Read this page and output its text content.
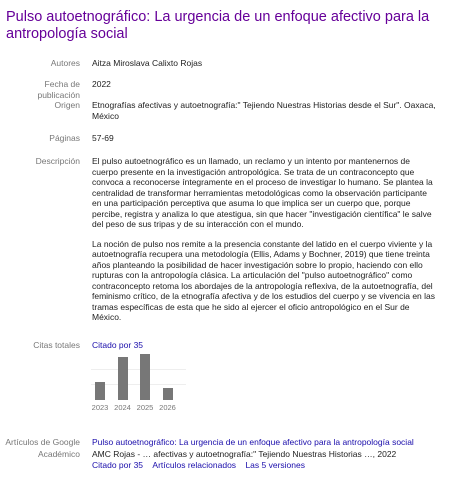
Pulso autoetnográfico: La urgencia de un enfoque afectivo para la antropología social
Autores Aitza Miroslava Calixto Rojas
Fecha de publicación
2022
Origen Etnografías afectivas y autoetnografía:" Tejiendo Nuestras Historias desde el Sur". Oaxaca, México
Páginas 57-69
Descripción El pulso autoetnográfico es un llamado, un reclamo y un intento por mantenernos de cuerpo presente en la investigación antropológica. Se trata de un contraconcepto que convoca a reconocerse íntegramente en el proceso de investigar lo humano. Se plantea la centralidad de transformar herramientas metodológicas como la observación participante en una participación perceptiva que asuma lo que implica ser un cuerpo que, porque percibe, registra y analiza lo que atestigua, sin que hacer "investigación científica" le salve del peso de sus tripas y de su interacción con el mundo.

La noción de pulso nos remite a la presencia constante del latido en el cuerpo viviente y la autoetnografía recupera una metodología (Ellis, Adams y Bochner, 2019) que tiene treinta años planteando la posibilidad de hacer investigación sobre lo propio, haciendo con ello rupturas con la antropología clásica. La articulación del "pulso autoetnográfico" como contraconcepto retoma los abordajes de la antropología reflexiva, de la autoetnografía, del feminismo crítico, de la etnografía afectiva y de los estudios del cuerpo y se vivencia en las tramas específicas de esta que he sido al ejercer el oficio antropológico en el Sur de México.

Citas totales Citado por 35
2023 2024 2025 2026
Artículos de Google Académico
Pulso autoetnográfico: La urgencia de un enfoque afectivo para la antropología social
AMC Rojas - … afectivas y autoetnografía:" Tejiendo Nuestras Historias …, 2022
Citado por 35 Artículos relacionados Las 5 versiones
